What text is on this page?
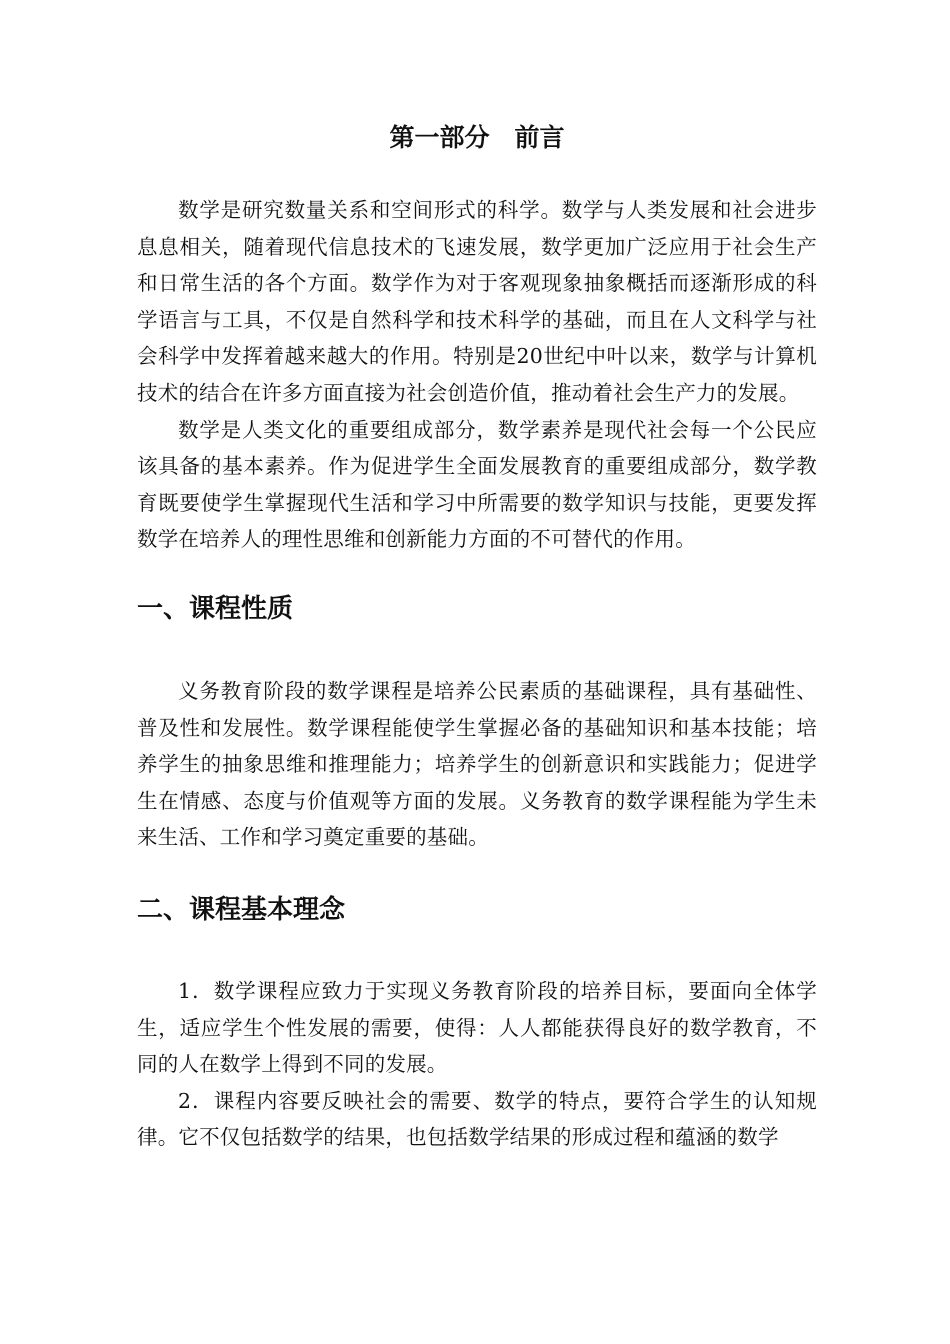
第一部分　前言

数学是研究数量关系和空间形式的科学。数学与人类发展和社会进步息息相关，随着现代信息技术的飞速发展，数学更加广泛应用于社会生产和日常生活的各个方面。数学作为对于客观现象抽象概括而逐渐形成的科学语言与工具，不仅是自然科学和技术科学的基础，而且在人文科学与社会科学中发挥着越来越大的作用。特别是20世纪中叶以来，数学与计算机技术的结合在许多方面直接为社会创造价值，推动着社会生产力的发展。

数学是人类文化的重要组成部分，数学素养是现代社会每一个公民应该具备的基本素养。作为促进学生全面发展教育的重要组成部分，数学教育既要使学生掌握现代生活和学习中所需要的数学知识与技能，更要发挥数学在培养人的理性思维和创新能力方面的不可替代的作用。

一、课程性质

义务教育阶段的数学课程是培养公民素质的基础课程，具有基础性、普及性和发展性。数学课程能使学生掌握必备的基础知识和基本技能；培养学生的抽象思维和推理能力；培养学生的创新意识和实践能力；促进学生在情感、态度与价值观等方面的发展。义务教育的数学课程能为学生未来生活、工作和学习奠定重要的基础。

二、课程基本理念

1．数学课程应致力于实现义务教育阶段的培养目标，要面向全体学生，适应学生个性发展的需要，使得：人人都能获得良好的数学教育，不同的人在数学上得到不同的发展。

2．课程内容要反映社会的需要、数学的特点，要符合学生的认知规律。它不仅包括数学的结果，也包括数学结果的形成过程和蕴涵的数学
